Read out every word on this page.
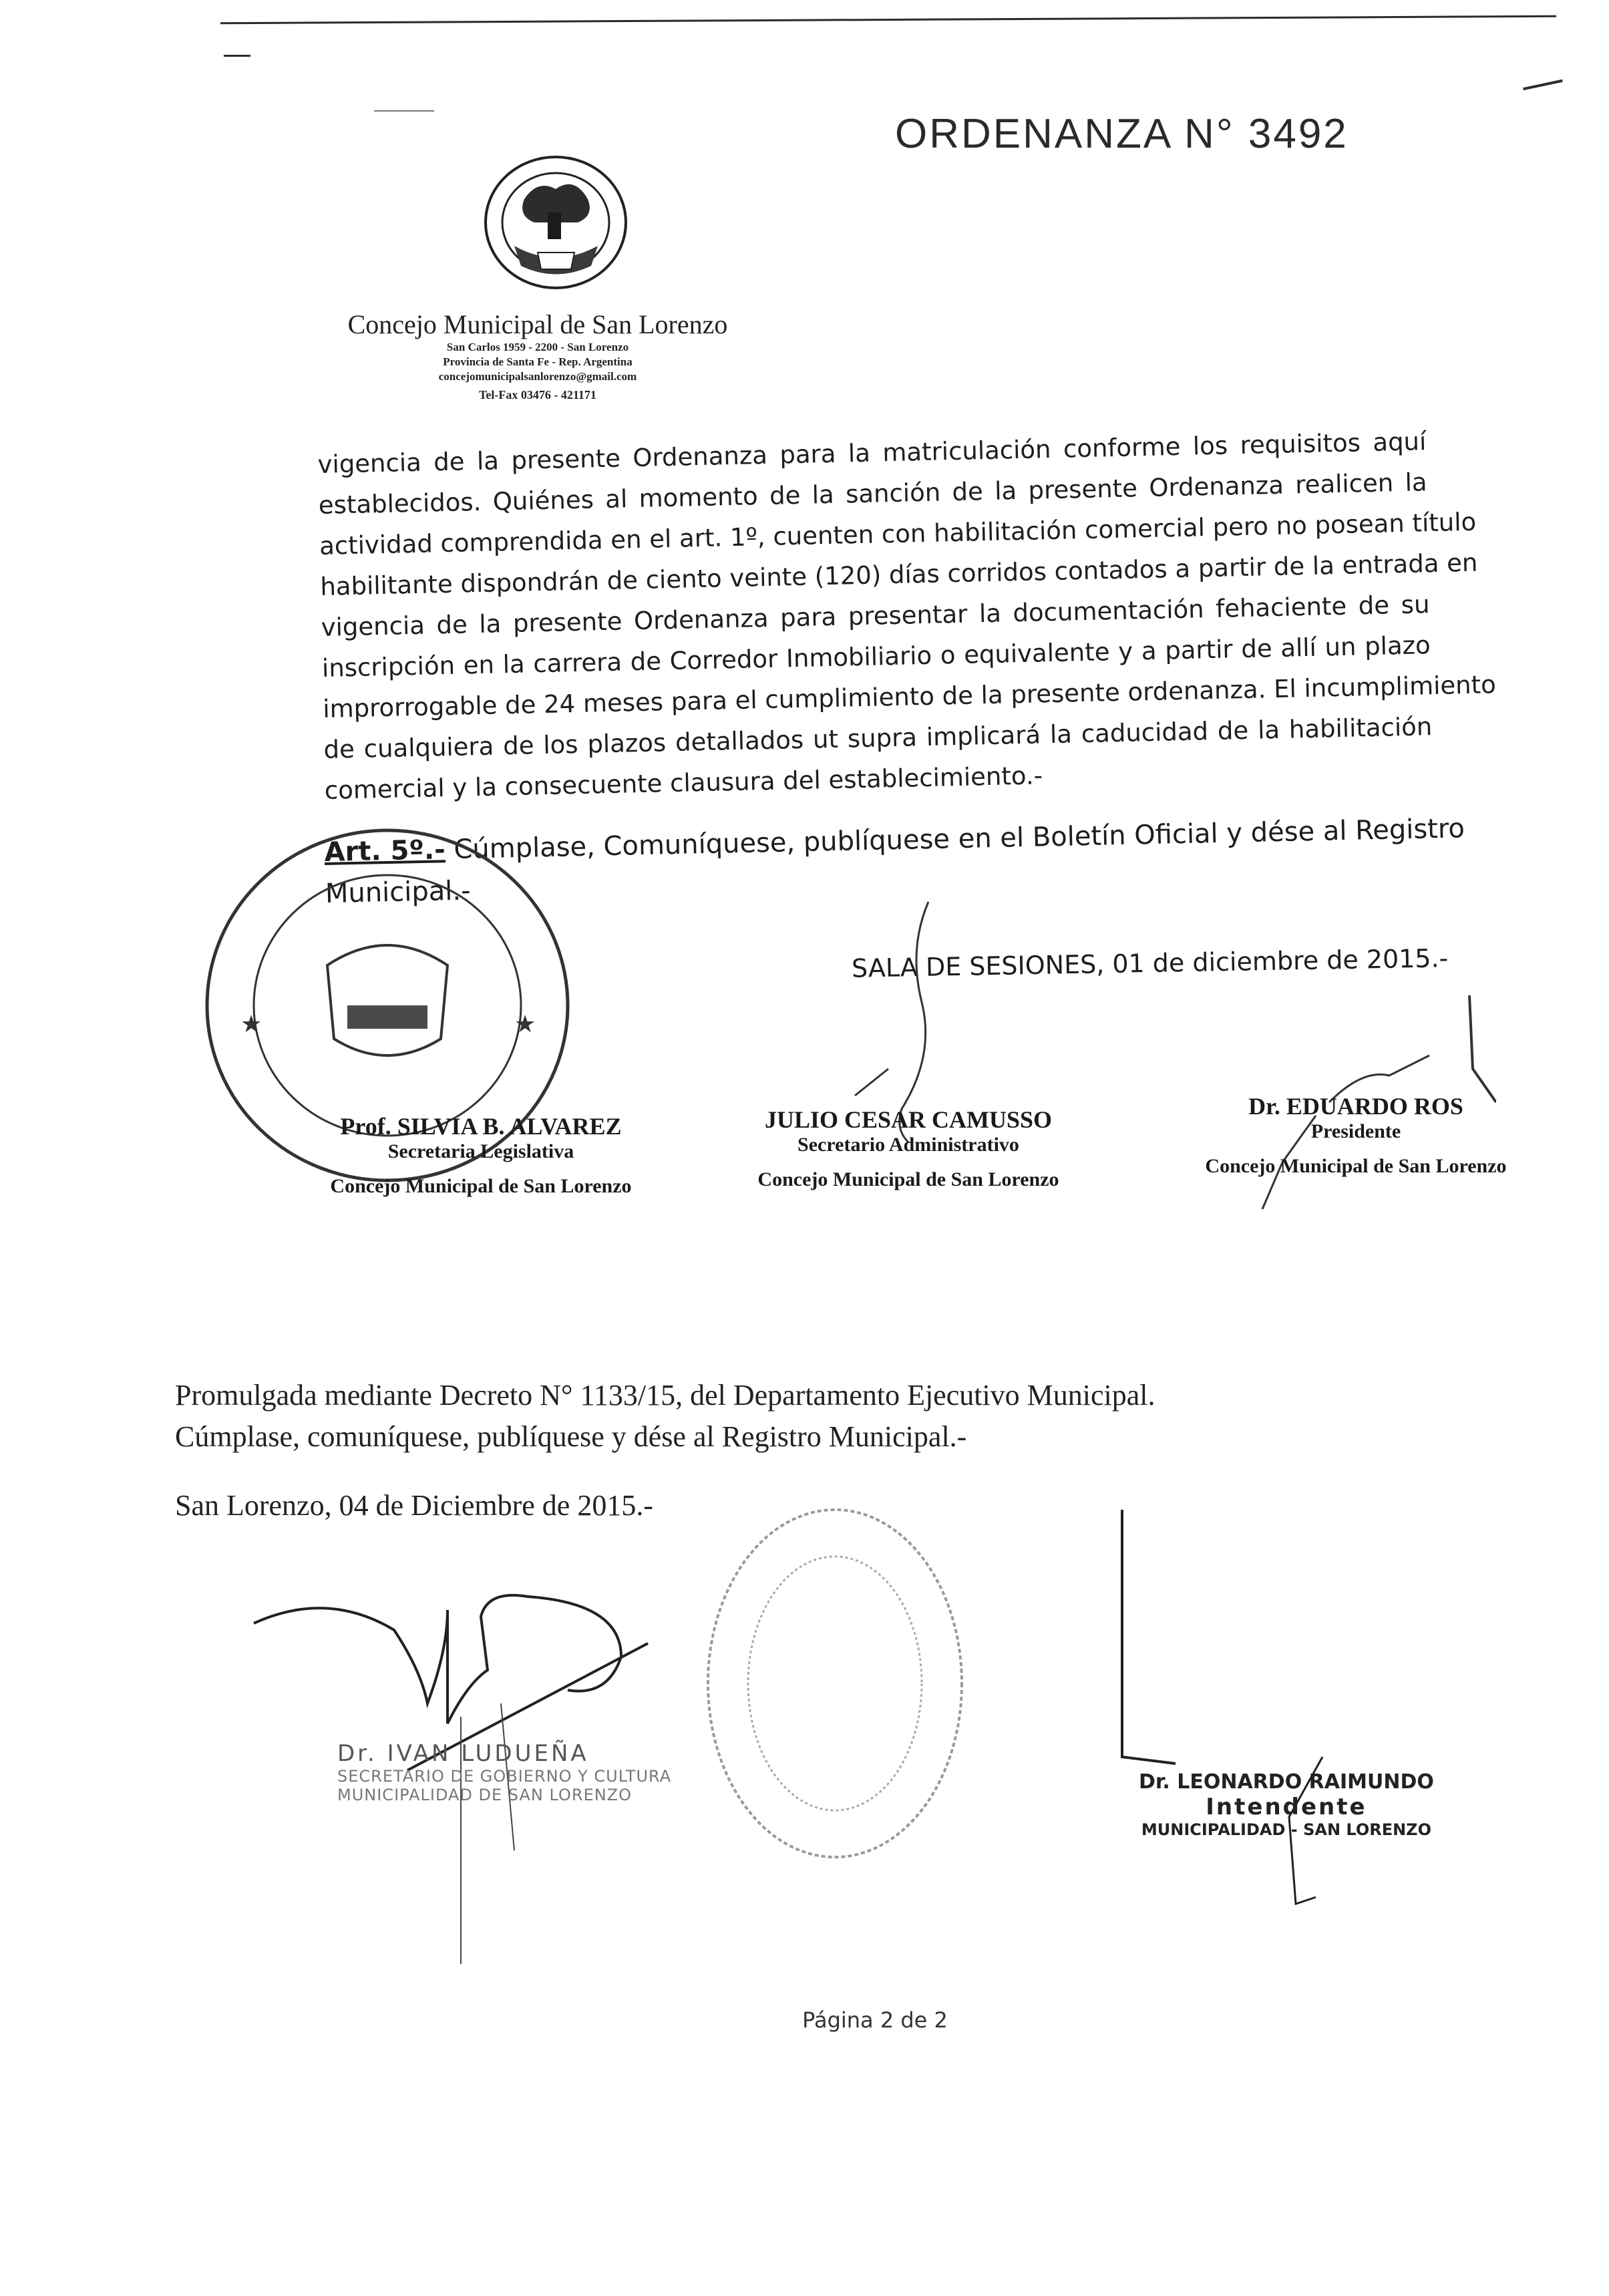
ORDENANZA N° 3492
Concejo Municipal de San Lorenzo
San Carlos 1959 - 2200 - San Lorenzo
Provincia de Santa Fe - Rep. Argentina
concejomunicipalsanlorenzo@gmail.com
Tel-Fax 03476 - 421171
vigencia de la presente Ordenanza para la matriculación conforme los requisitos aquí
establecidos. Quiénes al momento de la sanción de la presente Ordenanza realicen la
actividad comprendida en el art. 1º, cuenten con habilitación comercial pero no posean título
habilitante dispondrán de ciento veinte (120) días corridos contados a partir de la entrada en
vigencia de la presente Ordenanza para presentar la documentación fehaciente de su
inscripción en la carrera de Corredor Inmobiliario o equivalente y a partir de allí un plazo
improrrogable de 24 meses para el cumplimiento de la presente ordenanza. El incumplimiento
de cualquiera de los plazos detallados ut supra implicará la caducidad de la habilitación
comercial y la consecuente clausura del establecimiento.-
Art. 5º.- Cúmplase, Comuníquese, publíquese en el Boletín Oficial y dése al Registro
Municipal.-
★	★
SALA DE SESIONES, 01 de diciembre de 2015.-
Prof. SILVIA B. ALVAREZ
Secretaria Legislativa
Concejo Municipal de San Lorenzo
JULIO CESAR CAMUSSO
Secretario Administrativo
Concejo Municipal de San Lorenzo
Dr. EDUARDO ROS
Presidente
Concejo Municipal de San Lorenzo
Promulgada mediante Decreto N° 1133/15, del Departamento Ejecutivo Municipal.
Cúmplase, comuníquese, publíquese y dése al Registro Municipal.-
San Lorenzo, 04 de Diciembre de 2015.-
Dr. IVAN LUDUEÑA
SECRETARIO DE GOBIERNO Y CULTURA
MUNICIPALIDAD DE SAN LORENZO
Dr. LEONARDO RAIMUNDO
Intendente
MUNICIPALIDAD - SAN LORENZO
Página 2 de 2
